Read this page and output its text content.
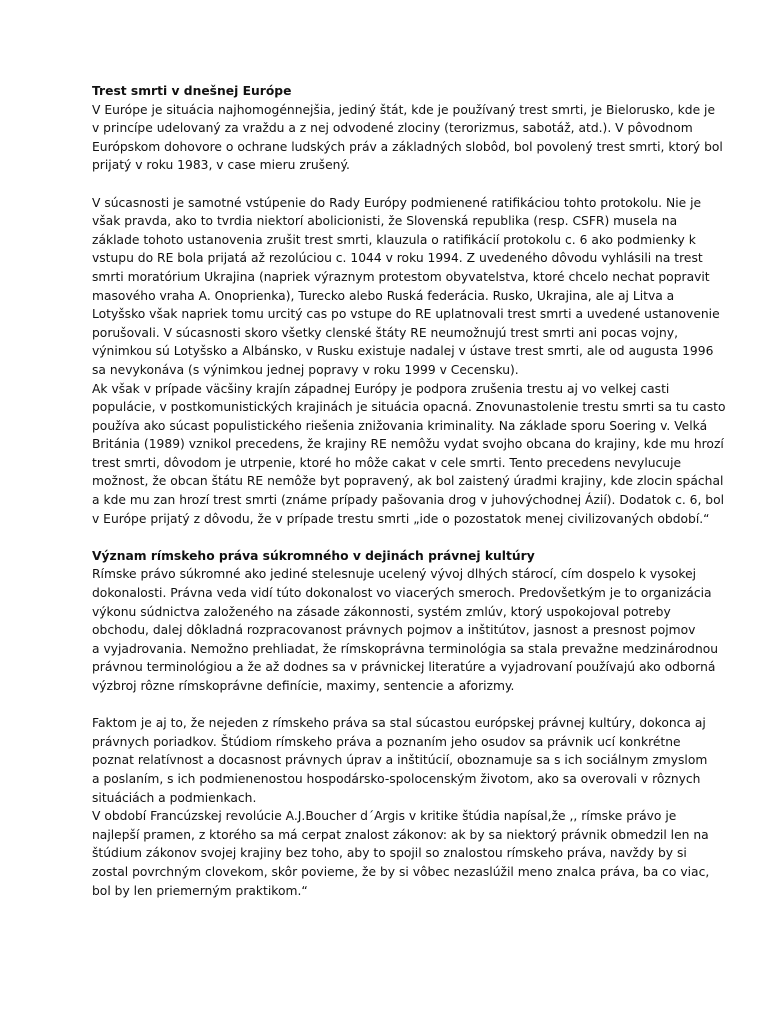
Trest smrti v dnešnej Európe
V Európe je situácia najhomogénnejšia, jediný štát, kde je používaný trest smrti, je Bielorusko, kde je
v princípe udelovaný za vraždu a z nej odvodené zlociny (terorizmus, sabotáž, atd.). V pôvodnom
Európskom dohovore o ochrane ludských práv a základných slobôd, bol povolený trest smrti, ktorý bol
prijatý v roku 1983, v case mieru zrušený.
V súcasnosti je samotné vstúpenie do Rady Európy podmienené ratifikáciou tohto protokolu. Nie je
však pravda, ako to tvrdia niektorí abolicionisti, že Slovenská republika (resp. CSFR) musela na
základe tohoto ustanovenia zrušit trest smrti, klauzula o ratifikácií protokolu c. 6 ako podmienky k
vstupu do RE bola prijatá až rezolúciou c. 1044 v roku 1994. Z uvedeného dôvodu vyhlásili na trest
smrti moratórium Ukrajina (napriek výraznym protestom obyvatelstva, ktoré chcelo nechat popravit
masového vraha A. Onoprienka), Turecko alebo Ruská federácia. Rusko, Ukrajina, ale aj Litva a
Lotyšsko však napriek tomu urcitý cas po vstupe do RE uplatnovali trest smrti a uvedené ustanovenie
porušovali. V súcasnosti skoro všetky clenské štáty RE neumožnujú trest smrti ani pocas vojny,
výnimkou sú Lotyšsko a Albánsko, v Rusku existuje nadalej v ústave trest smrti, ale od augusta 1996
sa nevykonáva (s výnimkou jednej popravy v roku 1999 v Cecensku).
Ak však v prípade väcšiny krajín západnej Európy je podpora zrušenia trestu aj vo velkej casti
populácie, v postkomunistických krajinách je situácia opacná. Znovunastolenie trestu smrti sa tu casto
používa ako súcast populistického riešenia znižovania kriminality. Na základe sporu Soering v. Velká
Británia (1989) vznikol precedens, že krajiny RE nemôžu vydat svojho obcana do krajiny, kde mu hrozí
trest smrti, dôvodom je utrpenie, ktoré ho môže cakat v cele smrti. Tento precedens nevylucuje
možnost, že obcan štátu RE nemôže byt popravený, ak bol zaistený úradmi krajiny, kde zlocin spáchal
a kde mu zan hrozí trest smrti (známe prípady pašovania drog v juhovýchodnej Ázií). Dodatok c. 6, bol
v Európe prijatý z dôvodu, že v prípade trestu smrti „ide o pozostatok menej civilizovaných období.“
Význam rímskeho práva súkromného v dejinách právnej kultúry
Rímske právo súkromné ako jediné stelesnuje ucelený vývoj dlhých stárocí, cím dospelo k vysokej
dokonalosti. Právna veda vidí túto dokonalost vo viacerých smeroch. Predovšetkým je to organizácia
výkonu súdnictva založeného na zásade zákonnosti, systém zmlúv, ktorý uspokojoval potreby
obchodu, dalej dôkladná rozpracovanost právnych pojmov a inštitútov, jasnost a presnost pojmov
a vyjadrovania. Nemožno prehliadat, že rímskoprávna terminológia sa stala prevažne medzinárodnou
právnou terminológiou a že až dodnes sa v právnickej literatúre a vyjadrovaní používajú ako odborná
výzbroj rôzne rímskoprávne definície, maximy, sentencie a aforizmy.
Faktom je aj to, že nejeden z rímskeho práva sa stal súcastou európskej právnej kultúry, dokonca aj
právnych poriadkov. Štúdiom rímskeho práva a poznaním jeho osudov sa právnik ucí konkrétne
poznat relatívnost a docasnost právnych úprav a inštitúcií, oboznamuje sa s ich sociálnym zmyslom
a poslaním, s ich podmienenostou hospodársko-spolocenským životom, ako sa overovali v rôznych
situáciách a podmienkach.
V období Francúzskej revolúcie A.J.Boucher d´Argis v kritike štúdia napísal,že ,, rímske právo je
najlepší pramen, z ktorého sa má cerpat znalost zákonov: ak by sa niektorý právnik obmedzil len na
štúdium zákonov svojej krajiny bez toho, aby to spojil so znalostou rímskeho práva, navždy by si
zostal povrchným clovekom, skôr povieme, že by si vôbec nezaslúžil meno znalca práva, ba co viac,
bol by len priemerným praktikom.“
